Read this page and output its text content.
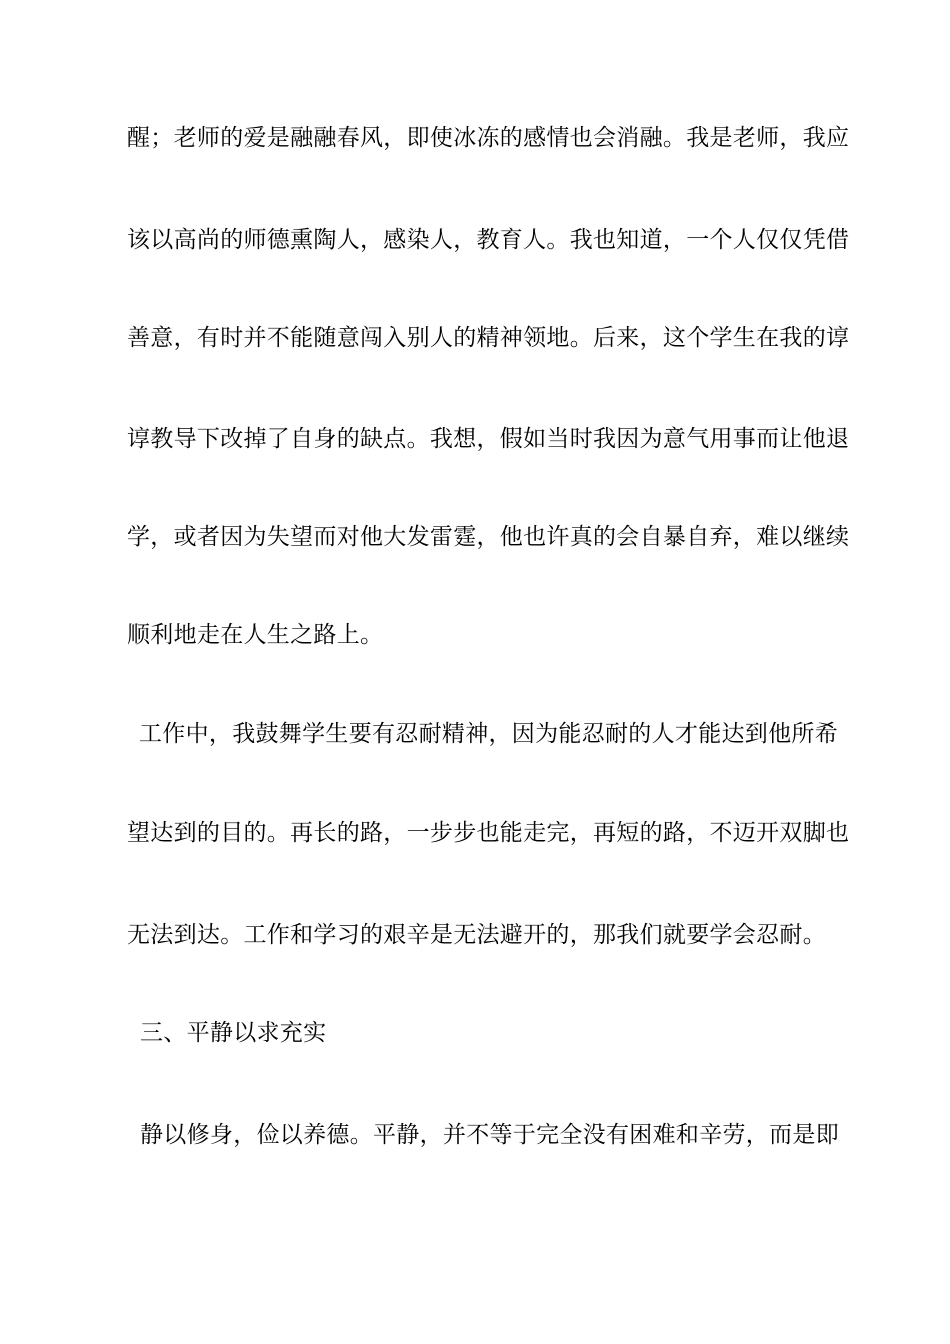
醒；老师的爱是融融春风，即使冰冻的感情也会消融。我是老师，我应
该以高尚的师德熏陶人，感染人，教育人。我也知道，一个人仅仅凭借
善意，有时并不能随意闯入别人的精神领地。后来，这个学生在我的谆
谆教导下改掉了自身的缺点。我想，假如当时我因为意气用事而让他退
学，或者因为失望而对他大发雷霆，他也许真的会自暴自弃，难以继续
顺利地走在人生之路上。
工作中，我鼓舞学生要有忍耐精神，因为能忍耐的人才能达到他所希
望达到的目的。再长的路，一步步也能走完，再短的路，不迈开双脚也
无法到达。工作和学习的艰辛是无法避开的，那我们就要学会忍耐。
三、平静以求充实
静以修身，俭以养德。平静，并不等于完全没有困难和辛劳，而是即
